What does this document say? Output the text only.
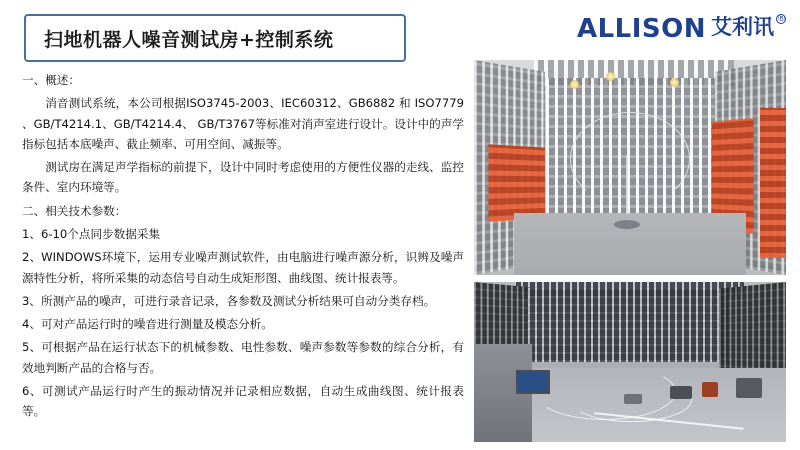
扫地机器人噪音测试房+控制系统	ALLISON 艾利讯 ®

一、概述：

消音测试系统，本公司根据ISO3745-2003、IEC60312、GB6882 和 ISO7779 、GB/T4214.1、GB/T4214.4、 GB/T3767等标准对消声室进行设计。设计中的声学指标包括本底噪声、截止频率、可用空间、减振等。

测试房在满足声学指标的前提下，设计中同时考虑使用的方便性仪器的走线、监控条件、室内环境等。

二、相关技术参数：

1、6-10个点同步数据采集

2、WINDOWS环境下，运用专业噪声测试软件，由电脑进行噪声源分析，识辨及噪声源特性分析，将所采集的动态信号自动生成矩形图、曲线图、统计报表等。

3、所测产品的噪声，可进行录音记录，各参数及测试分析结果可自动分类存档。

4、可对产品运行时的噪音进行测量及模态分析。

5、可根据产品在运行状态下的机械参数、电性参数、噪声参数等参数的综合分析，有效地判断产品的合格与否。

6、可测试产品运行时产生的振动情况并记录相应数据，自动生成曲线图、统计报表等。
